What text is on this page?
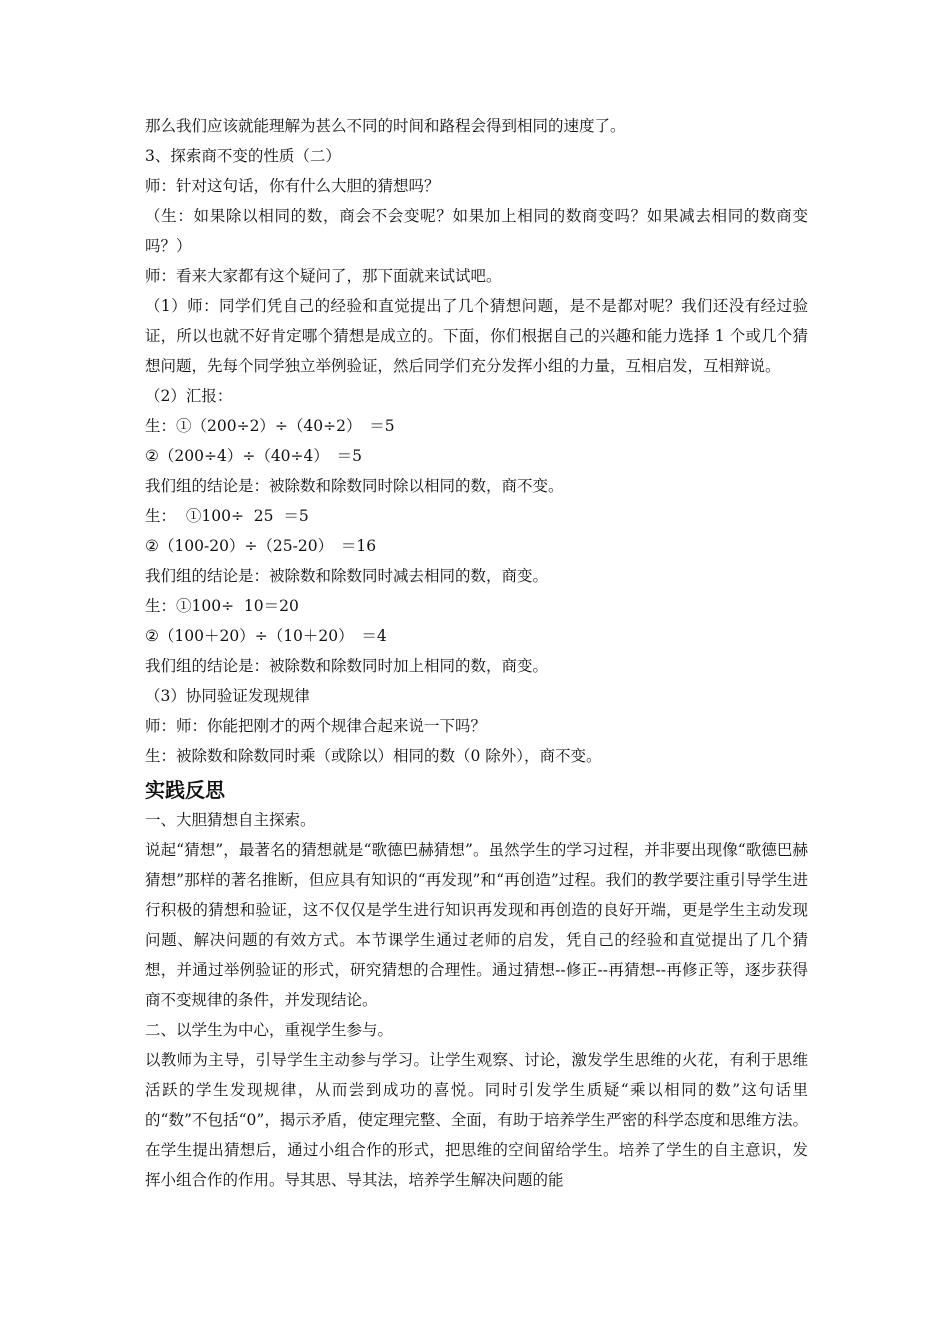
那么我们应该就能理解为甚么不同的时间和路程会得到相同的速度了。
3、探索商不变的性质（二）
师：针对这句话，你有什么大胆的猜想吗？
（生：如果除以相同的数，商会不会变呢？如果加上相同的数商变吗？如果减去相同的数商变吗？）
师：看来大家都有这个疑问了，那下面就来试试吧。
（1）师：同学们凭自己的经验和直觉提出了几个猜想问题，是不是都对呢？我们还没有经过验证，所以也就不好肯定哪个猜想是成立的。下面，你们根据自己的兴趣和能力选择 1 个或几个猜想问题，先每个同学独立举例验证，然后同学们充分发挥小组的力量，互相启发，互相辩说。
（2）汇报：
生：①（200÷2）÷（40÷2）　＝5
②（200÷4）÷（40÷4）　＝5
我们组的结论是：被除数和除数同时除以相同的数，商不变。
生：  ①100÷  25  ＝5
②（100-20）÷（25-20）　＝16
我们组的结论是：被除数和除数同时减去相同的数，商变。
生：①100÷  10＝20
②（100＋20）÷（10＋20）　＝4
我们组的结论是：被除数和除数同时加上相同的数，商变。
（3）协同验证发现规律
师：师：你能把刚才的两个规律合起来说一下吗？
生：被除数和除数同时乘（或除以）相同的数（0 除外），商不变。
实践反思
一、大胆猜想自主探索。
说起“猜想”，最著名的猜想就是“歌德巴赫猜想”。虽然学生的学习过程，并非要出现像“歌德巴赫猜想”那样的著名推断，但应具有知识的“再发现”和“再创造”过程。我们的教学要注重引导学生进行积极的猜想和验证，这不仅仅是学生进行知识再发现和再创造的良好开端，更是学生主动发现问题、解决问题的有效方式。本节课学生通过老师的启发，凭自己的经验和直觉提出了几个猜想，并通过举例验证的形式，研究猜想的合理性。通过猜想--修正--再猜想--再修正等，逐步获得商不变规律的条件，并发现结论。
二、以学生为中心，重视学生参与。
以教师为主导，引导学生主动参与学习。让学生观察、讨论，激发学生思维的火花，有利于思维活跃的学生发现规律，从而尝到成功的喜悦。同时引发学生质疑“乘以相同的数”这句话里的“数”不包括“0”，揭示矛盾，使定理完整、全面，有助于培养学生严密的科学态度和思维方法。在学生提出猜想后，通过小组合作的形式，把思维的空间留给学生。培养了学生的自主意识，发挥小组合作的作用。导其思、导其法，培养学生解决问题的能
